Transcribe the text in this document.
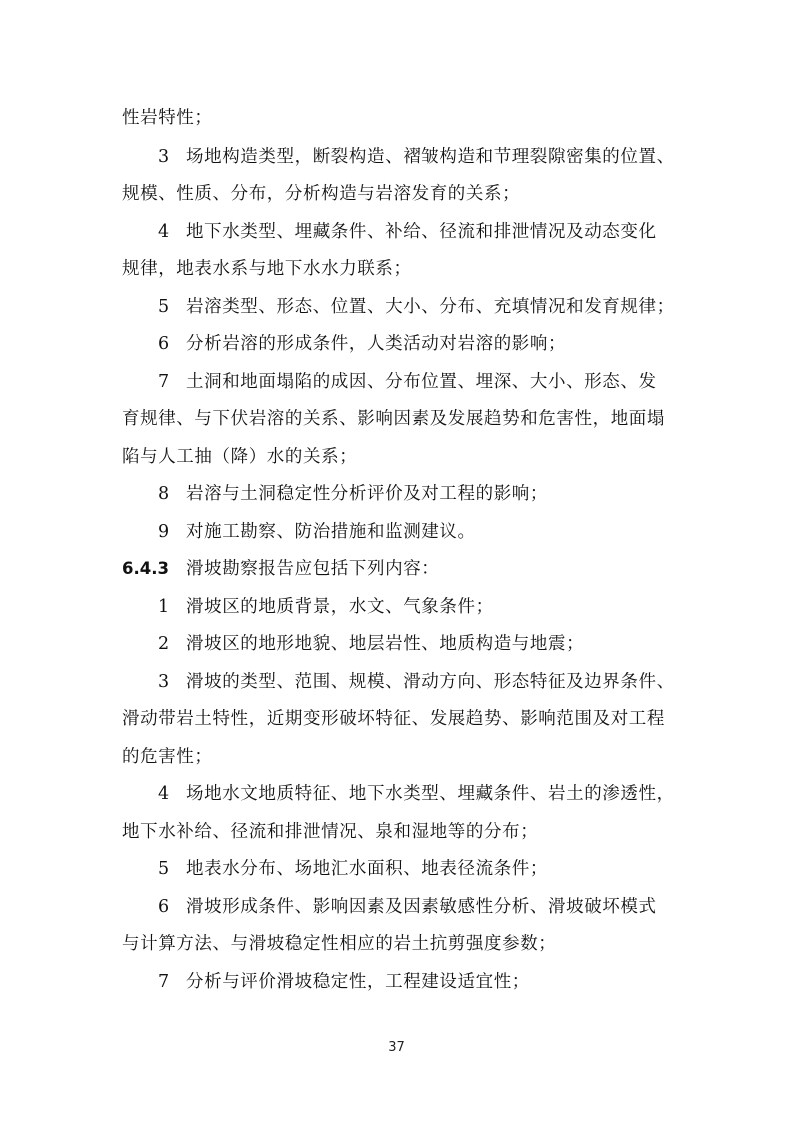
性岩特性；
3 场地构造类型，断裂构造、褶皱构造和节理裂隙密集的位置、
规模、性质、分布，分析构造与岩溶发育的关系；
4 地下水类型、埋藏条件、补给、径流和排泄情况及动态变化
规律，地表水系与地下水水力联系；
5 岩溶类型、形态、位置、大小、分布、充填情况和发育规律；
6 分析岩溶的形成条件，人类活动对岩溶的影响；
7 土洞和地面塌陷的成因、分布位置、埋深、大小、形态、发
育规律、与下伏岩溶的关系、影响因素及发展趋势和危害性，地面塌
陷与人工抽（降）水的关系；
8 岩溶与土洞稳定性分析评价及对工程的影响；
9 对施工勘察、防治措施和监测建议。
6.4.3 滑坡勘察报告应包括下列内容：
1 滑坡区的地质背景，水文、气象条件；
2 滑坡区的地形地貌、地层岩性、地质构造与地震；
3 滑坡的类型、范围、规模、滑动方向、形态特征及边界条件、
滑动带岩土特性，近期变形破坏特征、发展趋势、影响范围及对工程
的危害性；
4 场地水文地质特征、地下水类型、埋藏条件、岩土的渗透性，
地下水补给、径流和排泄情况、泉和湿地等的分布；
5 地表水分布、场地汇水面积、地表径流条件；
6 滑坡形成条件、影响因素及因素敏感性分析、滑坡破坏模式
与计算方法、与滑坡稳定性相应的岩土抗剪强度参数；
7 分析与评价滑坡稳定性，工程建设适宜性；
37
